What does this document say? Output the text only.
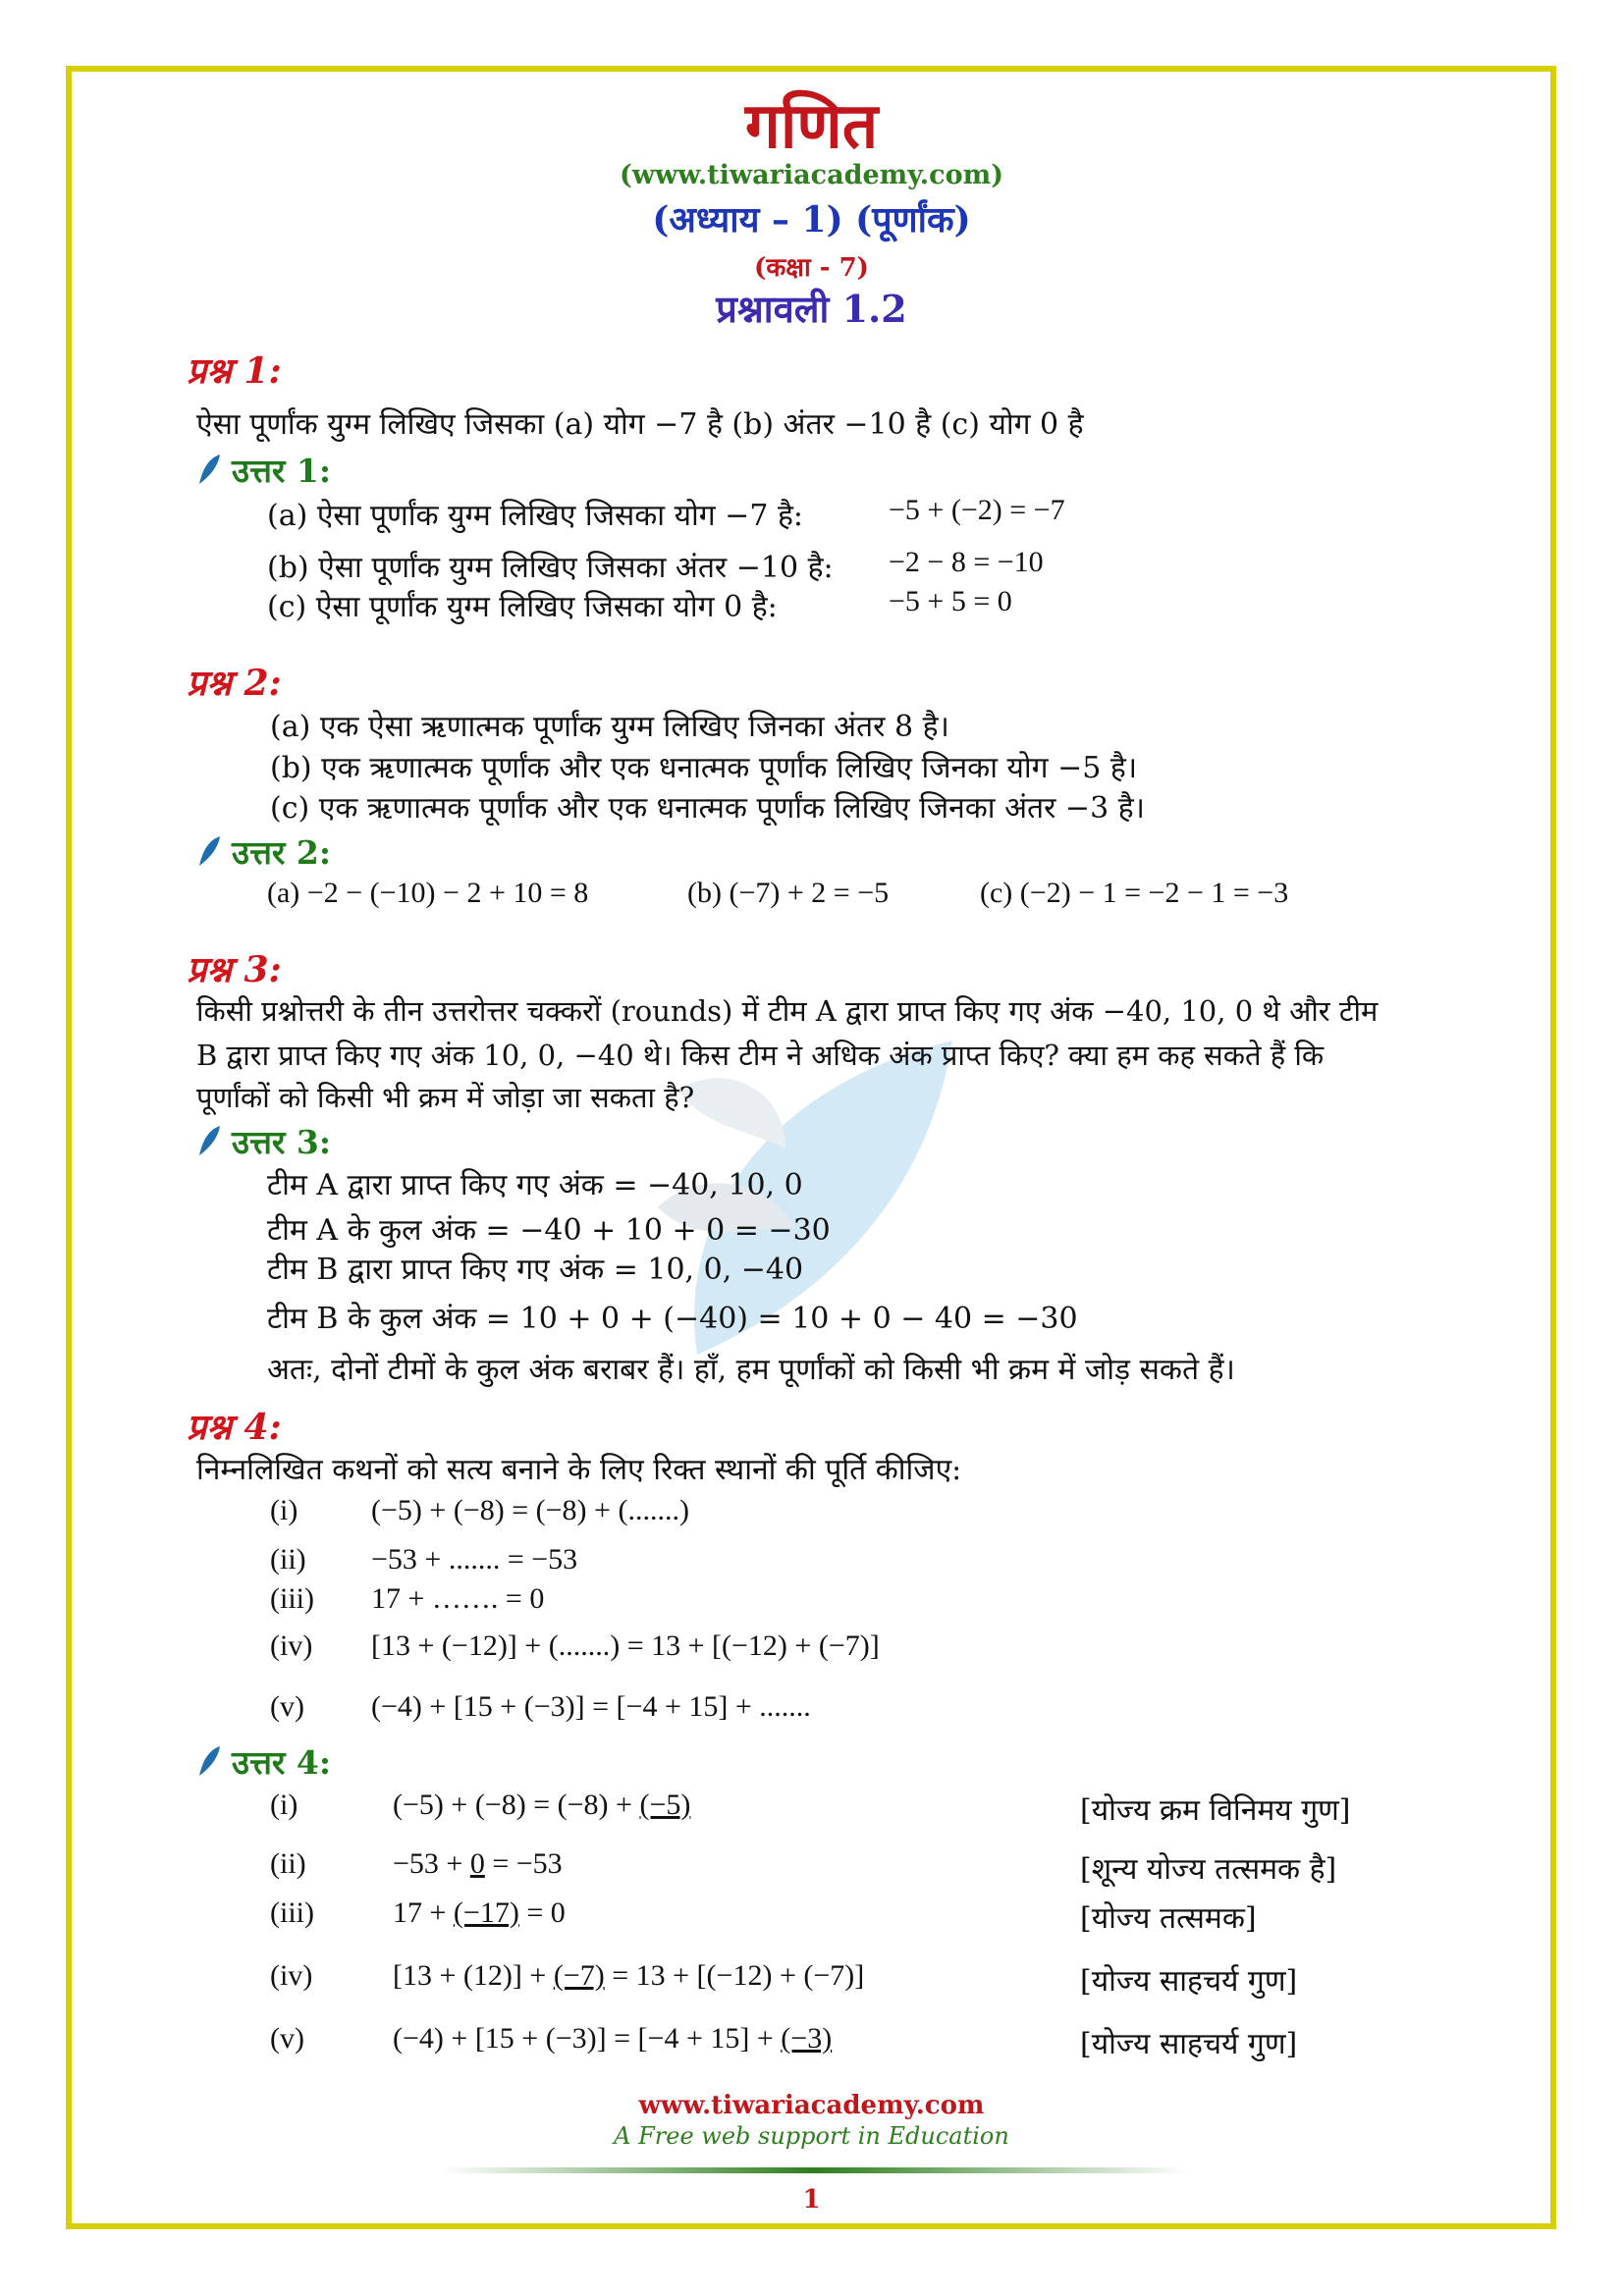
गणित
(www.tiwariacademy.com)
(अध्याय – 1) (पूर्णांक)
(कक्षा - 7)
प्रश्नावली 1.2
प्रश्न 1:
ऐसा पूर्णांक युग्म लिखिए जिसका (a) योग −7 है (b) अंतर −10 है (c) योग 0 है
उत्तर 1:
(a) ऐसा पूर्णांक युग्म लिखिए जिसका योग −7 है:	−5 + (−2) = −7
(b) ऐसा पूर्णांक युग्म लिखिए जिसका अंतर −10 है: −2 − 8 = −10
(c) ऐसा पूर्णांक युग्म लिखिए जिसका योग 0 है:	−5 + 5 = 0
प्रश्न 2:
(a) एक ऐसा ऋणात्मक पूर्णांक युग्म लिखिए जिनका अंतर 8 है।
(b) एक ऋणात्मक पूर्णांक और एक धनात्मक पूर्णांक लिखिए जिनका योग −5 है।
(c) एक ऋणात्मक पूर्णांक और एक धनात्मक पूर्णांक लिखिए जिनका अंतर −3 है।
उत्तर 2:
(a) −2 − (−10) − 2 + 10 = 8	(b) (−7) + 2 = −5	(c) (−2) − 1 = −2 − 1 = −3
प्रश्न 3:
किसी प्रश्नोत्तरी के तीन उत्तरोत्तर चक्करों (rounds) में टीम A द्वारा प्राप्त किए गए अंक −40, 10, 0 थे और टीम
B द्वारा प्राप्त किए गए अंक 10, 0, −40 थे। किस टीम ने अधिक अंक प्राप्त किए? क्या हम कह सकते हैं कि
पूर्णांकों को किसी भी क्रम में जोड़ा जा सकता है?
उत्तर 3:
टीम A द्वारा प्राप्त किए गए अंक = −40, 10, 0
टीम A के कुल अंक = −40 + 10 + 0 = −30
टीम B द्वारा प्राप्त किए गए अंक = 10, 0, −40
टीम B के कुल अंक = 10 + 0 + (−40) = 10 + 0 − 40 = −30
अतः, दोनों टीमों के कुल अंक बराबर हैं। हाँ, हम पूर्णांकों को किसी भी क्रम में जोड़ सकते हैं।
प्रश्न 4:
निम्नलिखित कथनों को सत्य बनाने के लिए रिक्त स्थानों की पूर्ति कीजिए:
(i) (−5) + (−8) = (−8) + (.......)
(ii) −53 + ....... = −53
(iii) 17 + ……. = 0
(iv) [13 + (−12)] + (.......) = 13 + [(−12) + (−7)]
(v) (−4) + [15 + (−3)] = [−4 + 15] + .......
उत्तर 4:
(i)	(−5) + (−8) = (−8) + (−5)	[योज्य क्रम विनिमय गुण]
(ii)	−53 + 0 = −53	[शून्य योज्य तत्समक है]
(iii)	17 + (−17) = 0	[योज्य तत्समक]
(iv)	[13 + (12)] + (−7) = 13 + [(−12) + (−7)]	[योज्य साहचर्य गुण]
(v)	(−4) + [15 + (−3)] = [−4 + 15] + (−3)	[योज्य साहचर्य गुण]
www.tiwariacademy.com
A Free web support in Education
1
